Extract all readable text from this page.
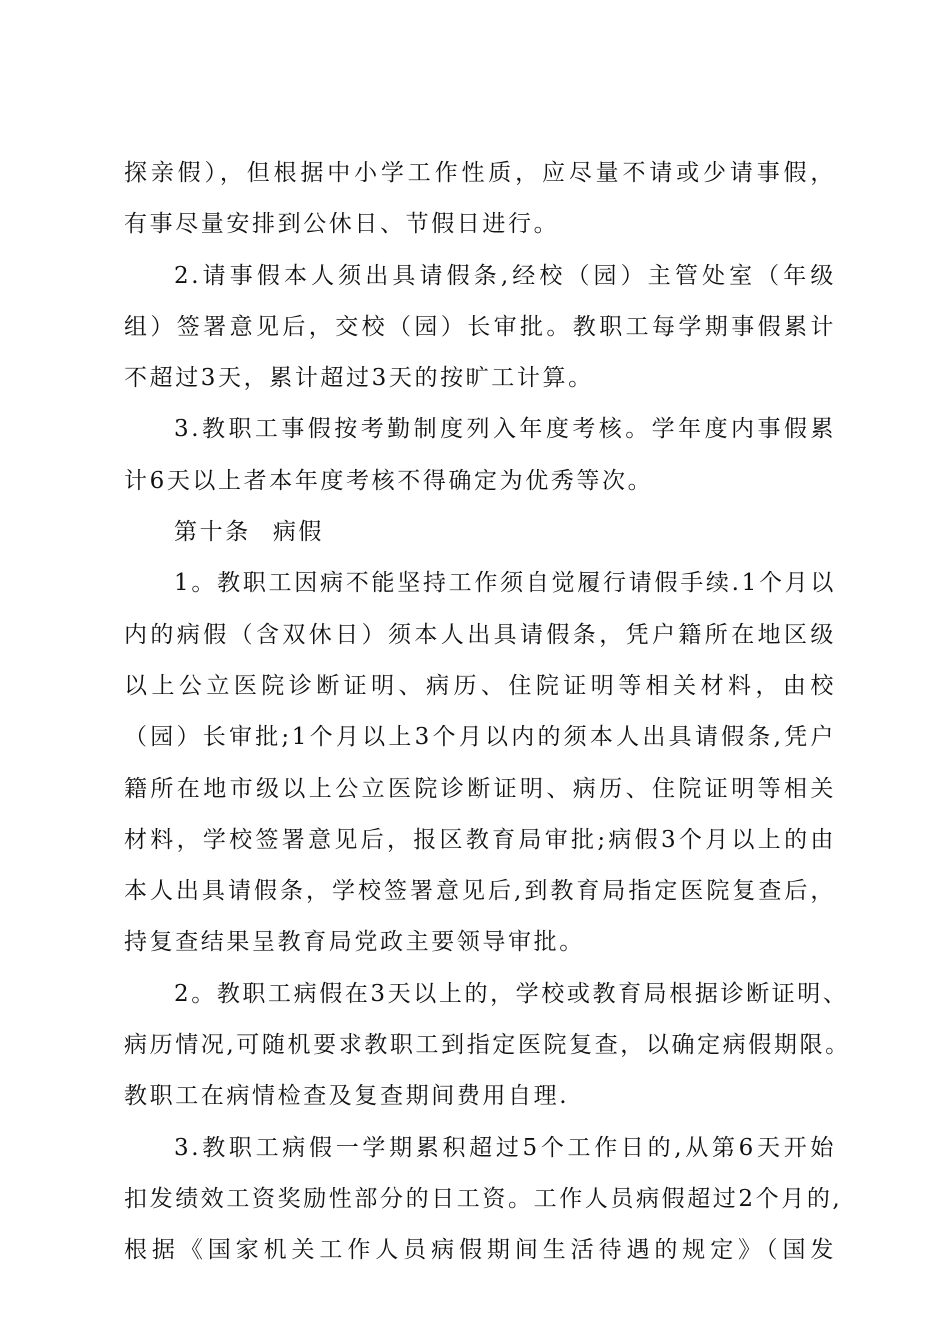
探亲假），但根据中小学工作性质，应尽量不请或少请事假，
有事尽量安排到公休日、节假日进行。
2.请事假本人须出具请假条,经校（园）主管处室（年级
组）签署意见后，交校（园）长审批。教职工每学期事假累计
不超过3天，累计超过3天的按旷工计算。
3.教职工事假按考勤制度列入年度考核。学年度内事假累
计6天以上者本年度考核不得确定为优秀等次。
第十条 病假
1。教职工因病不能坚持工作须自觉履行请假手续.1个月以
内的病假（含双休日）须本人出具请假条，凭户籍所在地区级
以上公立医院诊断证明、病历、住院证明等相关材料，由校
（园）长审批;1个月以上3个月以内的须本人出具请假条,凭户
籍所在地市级以上公立医院诊断证明、病历、住院证明等相关
材料，学校签署意见后，报区教育局审批;病假3个月以上的由
本人出具请假条，学校签署意见后,到教育局指定医院复查后，
持复查结果呈教育局党政主要领导审批。
2。教职工病假在3天以上的，学校或教育局根据诊断证明、
病历情况,可随机要求教职工到指定医院复查，以确定病假期限。
教职工在病情检查及复查期间费用自理.
3.教职工病假一学期累积超过5个工作日的,从第6天开始
扣发绩效工资奖励性部分的日工资。工作人员病假超过2个月的,
根据《国家机关工作人员病假期间生活待遇的规定》（国发
